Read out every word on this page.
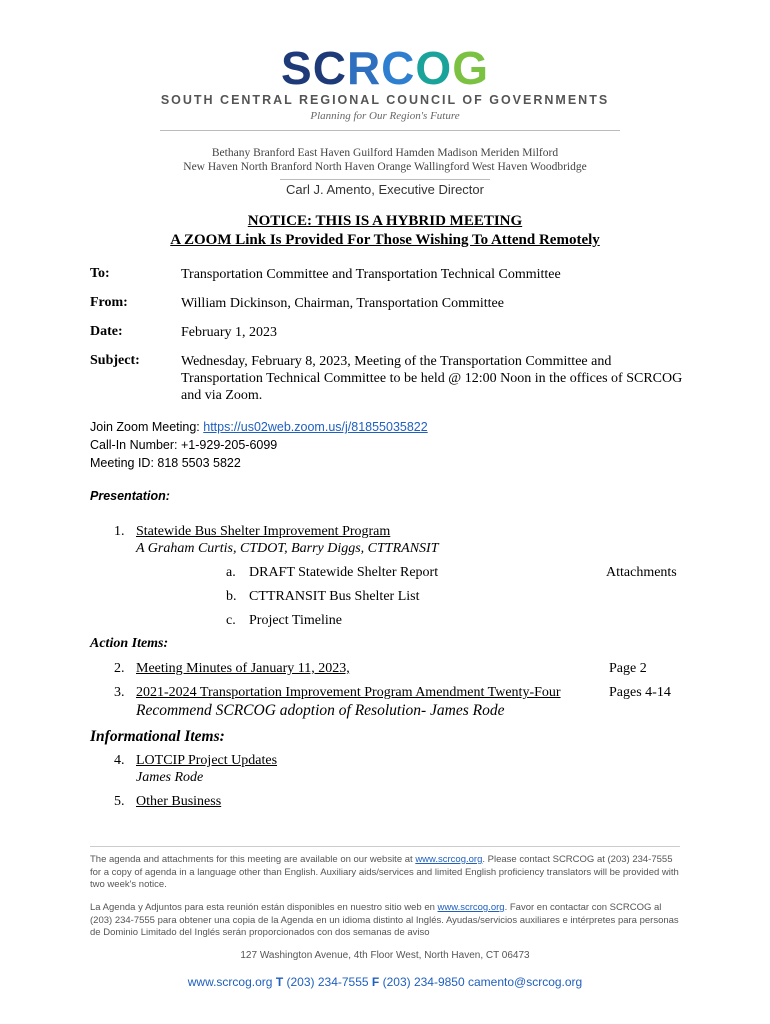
SCRCOG
SOUTH CENTRAL REGIONAL COUNCIL OF GOVERNMENTS
Planning for Our Region's Future
Bethany Branford East Haven Guilford Hamden Madison Meriden Milford
New Haven North Branford North Haven Orange Wallingford West Haven Woodbridge
Carl J. Amento, Executive Director
NOTICE: THIS IS A HYBRID MEETING
A ZOOM Link Is Provided For Those Wishing To Attend Remotely
To:	Transportation Committee and Transportation Technical Committee
From:	William Dickinson, Chairman, Transportation Committee
Date:	February 1, 2023
Subject:	Wednesday, February 8, 2023, Meeting of the Transportation Committee and Transportation Technical Committee to be held @ 12:00 Noon in the offices of SCRCOG and via Zoom.
Join Zoom Meeting: https://us02web.zoom.us/j/81855035822
Call-In Number: +1-929-205-6099
Meeting ID: 818 5503 5822
Presentation:
1. Statewide Bus Shelter Improvement Program
A Graham Curtis, CTDOT, Barry Diggs, CTTRANSIT
a. DRAFT Statewide Shelter Report	Attachments
b. CTTRANSIT Bus Shelter List
c. Project Timeline
Action Items:
2. Meeting Minutes of January 11, 2023,	Page 2
3. 2021-2024 Transportation Improvement Program Amendment Twenty-Four	Pages 4-14
Recommend SCRCOG adoption of Resolution- James Rode
Informational Items:
4. LOTCIP Project Updates
James Rode
5. Other Business
The agenda and attachments for this meeting are available on our website at www.scrcog.org. Please contact SCRCOG at (203) 234-7555 for a copy of agenda in a language other than English. Auxiliary aids/services and limited English proficiency translators will be provided with two week's notice.
La Agenda y Adjuntos para esta reunión están disponibles en nuestro sitio web en www.scrcog.org. Favor en contactar con SCRCOG al (203) 234-7555 para obtener una copia de la Agenda en un idioma distinto al Inglés. Ayudas/servicios auxiliares e intérpretes para personas de Dominio Limitado del Inglés serán proporcionados con dos semanas de aviso
127 Washington Avenue, 4th Floor West, North Haven, CT 06473
www.scrcog.org T (203) 234-7555 F (203) 234-9850 camento@scrcog.org
